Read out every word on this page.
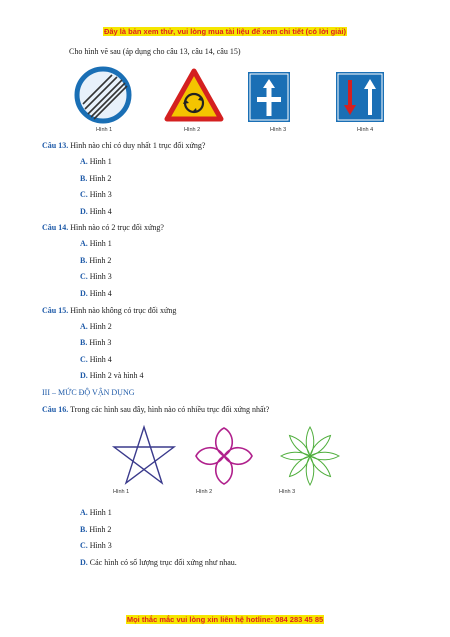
Đây là bản xem thử, vui lòng mua tài liệu để xem chi tiết (có lời giải)
Cho hình vẽ sau (áp dụng cho câu 13, câu 14, câu 15)
Hình 1	Hình 2	Hình 3	Hình 4
Câu 13. Hình nào chỉ có duy nhất 1 trục đối xứng?
A. Hình 1
B. Hình 2
C. Hình 3
D. Hình 4
Câu 14. Hình nào có 2 trục đối xứng?
A. Hình 1
B. Hình 2
C. Hình 3
D. Hình 4
Câu 15. Hình nào không có trục đối xứng
A. Hình 2
B. Hình 3
C. Hình 4
D. Hình 2 và hình 4
III – MỨC ĐỘ VẬN DỤNG
Câu 16. Trong các hình sau đây, hình nào có nhiều trục đối xứng nhất?
Hình 1	Hình 2	Hình 3
A. Hình 1
B. Hình 2
C. Hình 3
D. Các hình có số lượng trục đối xứng như nhau.
Mọi thắc mắc vui lòng xin liên hệ hotline: 084 283 45 85
